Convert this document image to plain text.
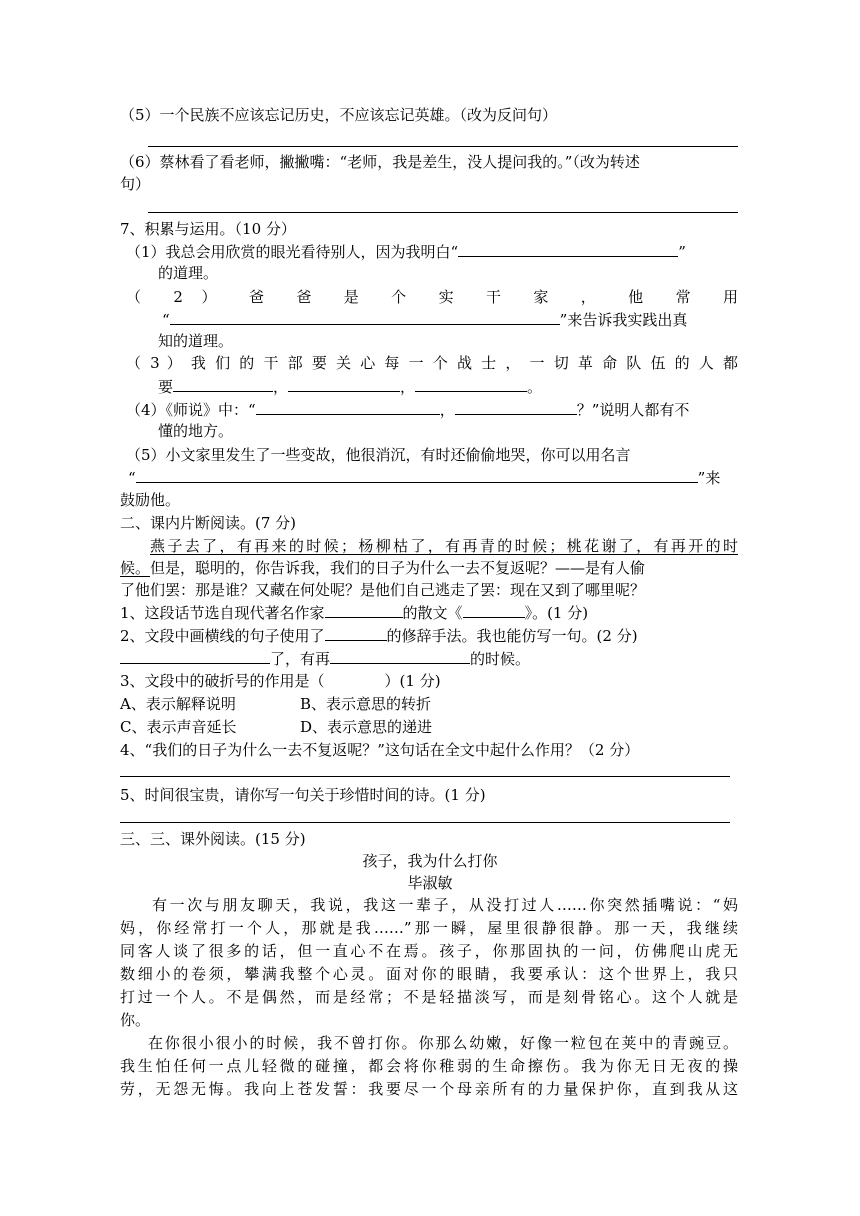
（5）一个民族不应该忘记历史，不应该忘记英雄。（改为反问句）
（6）蔡林看了看老师，撇撇嘴：“老师，我是差生，没人提问我的。”（改为转述
句）
7、积累与运用。（10 分）
（1）我总会用欣赏的眼光看待别人，因为我明白“	”
的道理。
（ 2 ） 爸 爸 是 个 实 干 家 ， 他 常 用
“	”来告诉我实践出真
知的道理。
（ 3 ） 我 们 的 干 部 要 关 心 每 一 个 战 士 ， 一 切 革 命 队 伍 的 人 都
要	，	，	。
（4）《师说》中：“	，	？”说明人都有不
懂的地方。
（5）小文家里发生了一些变故，他很消沉，有时还偷偷地哭，你可以用名言
“	”来
鼓励他。
二、课内片断阅读。(7 分)
燕子去了，有再来的时候；杨柳枯了，有再青的时候；桃花谢了，有再开的时
候。但是，聪明的，你告诉我，我们的日子为什么一去不复返呢？——是有人偷
了他们罢：那是谁？又藏在何处呢？是他们自己逃走了罢：现在又到了哪里呢？
1、这段话节选自现代著名作家	的散文《	》。(1 分)
2、文段中画横线的句子使用了	的修辞手法。我也能仿写一句。(2 分)
了，有再	的时候。
3、文段中的破折号的作用是（	）(1 分)
A、表示解释说明	B、表示意思的转折
C、表示声音延长	D、表示意思的递进
4、“我们的日子为什么一去不复返呢？”这句话在全文中起什么作用？（2 分）
5、时间很宝贵，请你写一句关于珍惜时间的诗。(1 分)
三、三、课外阅读。(15 分)
孩子，我为什么打你
毕淑敏
有一次与朋友聊天，我说，我这一辈子，从没打过人……你突然插嘴说：“妈
妈，你经常打一个人，那就是我……”那一瞬，屋里很静很静。那一天，我继续
同客人谈了很多的话，但一直心不在焉。孩子，你那固执的一问，仿佛爬山虎无
数细小的卷须，攀满我整个心灵。面对你的眼睛，我要承认：这个世界上，我只
打过一个人。不是偶然，而是经常；不是轻描淡写，而是刻骨铭心。这个人就是
你。
在你很小很小的时候，我不曾打你。你那么幼嫩，好像一粒包在荚中的青豌豆。
我生怕任何一点儿轻微的碰撞，都会将你稚弱的生命擦伤。我为你无日无夜的操
劳，无怨无悔。我向上苍发誓：我要尽一个母亲所有的力量保护你，直到我从这
